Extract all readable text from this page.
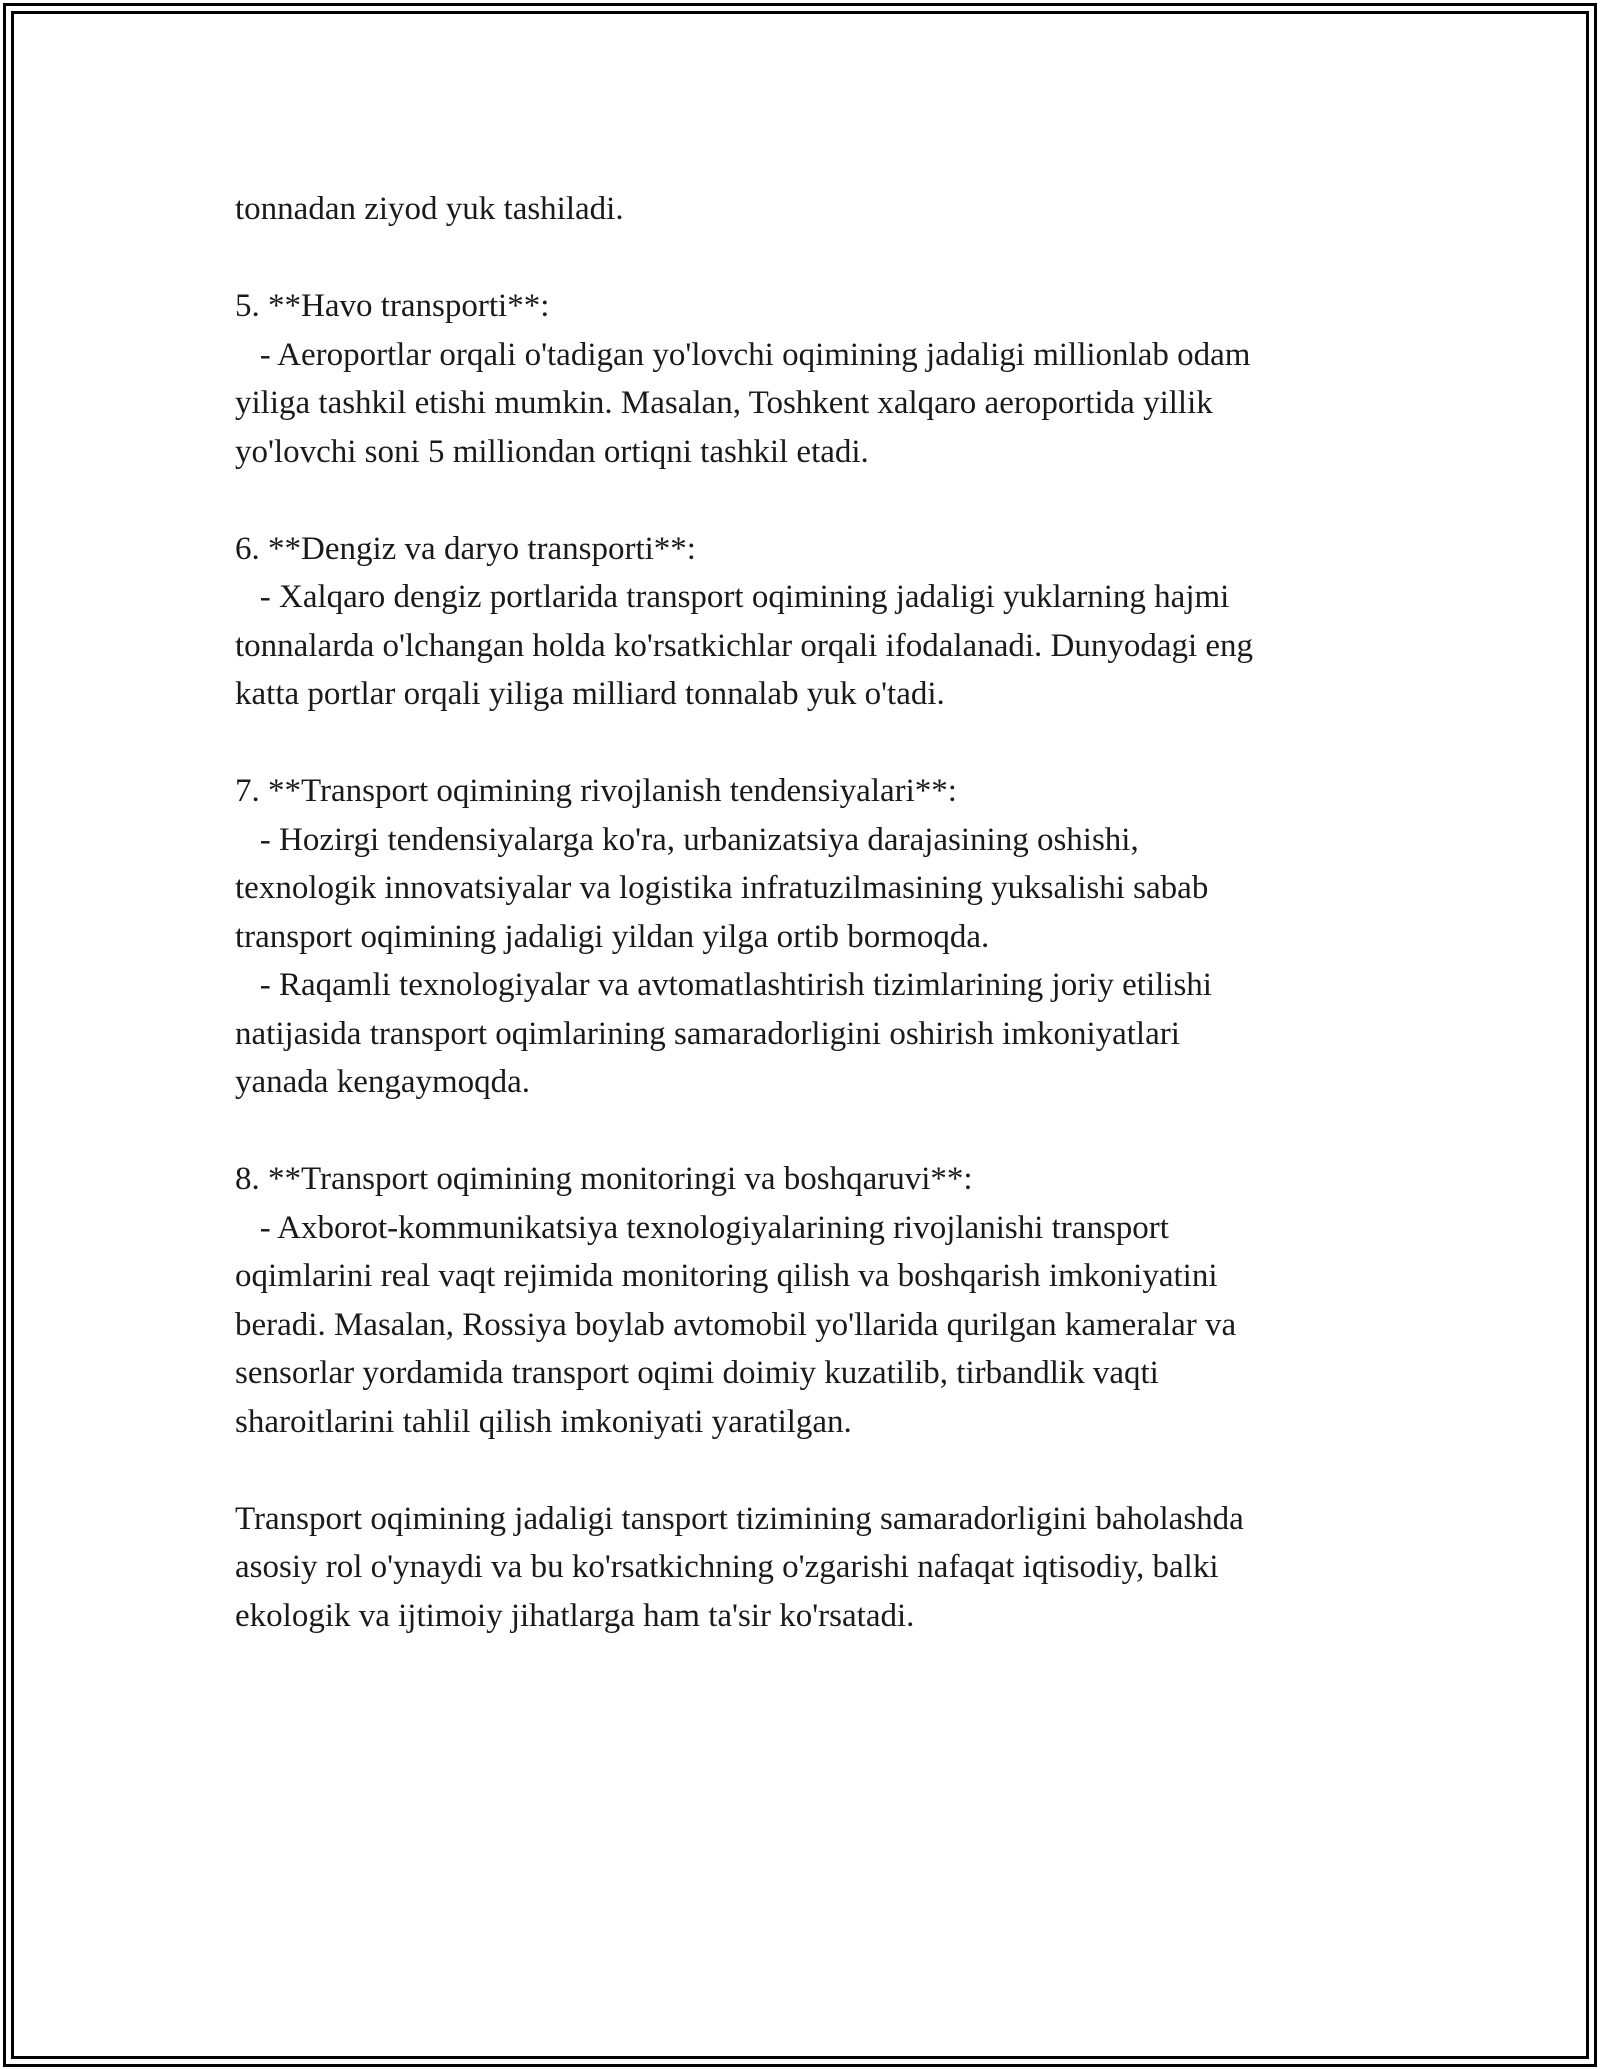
tonnadan ziyod yuk tashiladi.
5. **Havo transporti**:
- Aeroportlar orqali o'tadigan yo'lovchi oqimining jadaligi millionlab odam
yiliga tashkil etishi mumkin. Masalan, Toshkent xalqaro aeroportida yillik
yo'lovchi soni 5 milliondan ortiqni tashkil etadi.
6. **Dengiz va daryo transporti**:
- Xalqaro dengiz portlarida transport oqimining jadaligi yuklarning hajmi
tonnalarda o'lchangan holda ko'rsatkichlar orqali ifodalanadi. Dunyodagi eng
katta portlar orqali yiliga milliard tonnalab yuk o'tadi.
7. **Transport oqimining rivojlanish tendensiyalari**:
- Hozirgi tendensiyalarga ko'ra, urbanizatsiya darajasining oshishi,
texnologik innovatsiyalar va logistika infratuzilmasining yuksalishi sabab
transport oqimining jadaligi yildan yilga ortib bormoqda.
- Raqamli texnologiyalar va avtomatlashtirish tizimlarining joriy etilishi
natijasida transport oqimlarining samaradorligini oshirish imkoniyatlari
yanada kengaymoqda.
8. **Transport oqimining monitoringi va boshqaruvi**:
- Axborot-kommunikatsiya texnologiyalarining rivojlanishi transport
oqimlarini real vaqt rejimida monitoring qilish va boshqarish imkoniyatini
beradi. Masalan, Rossiya boylab avtomobil yo'llarida qurilgan kameralar va
sensorlar yordamida transport oqimi doimiy kuzatilib, tirbandlik vaqti
sharoitlarini tahlil qilish imkoniyati yaratilgan.
Transport oqimining jadaligi tansport tizimining samaradorligini baholashda
asosiy rol o'ynaydi va bu ko'rsatkichning o'zgarishi nafaqat iqtisodiy, balki
ekologik va ijtimoiy jihatlarga ham ta'sir ko'rsatadi.
